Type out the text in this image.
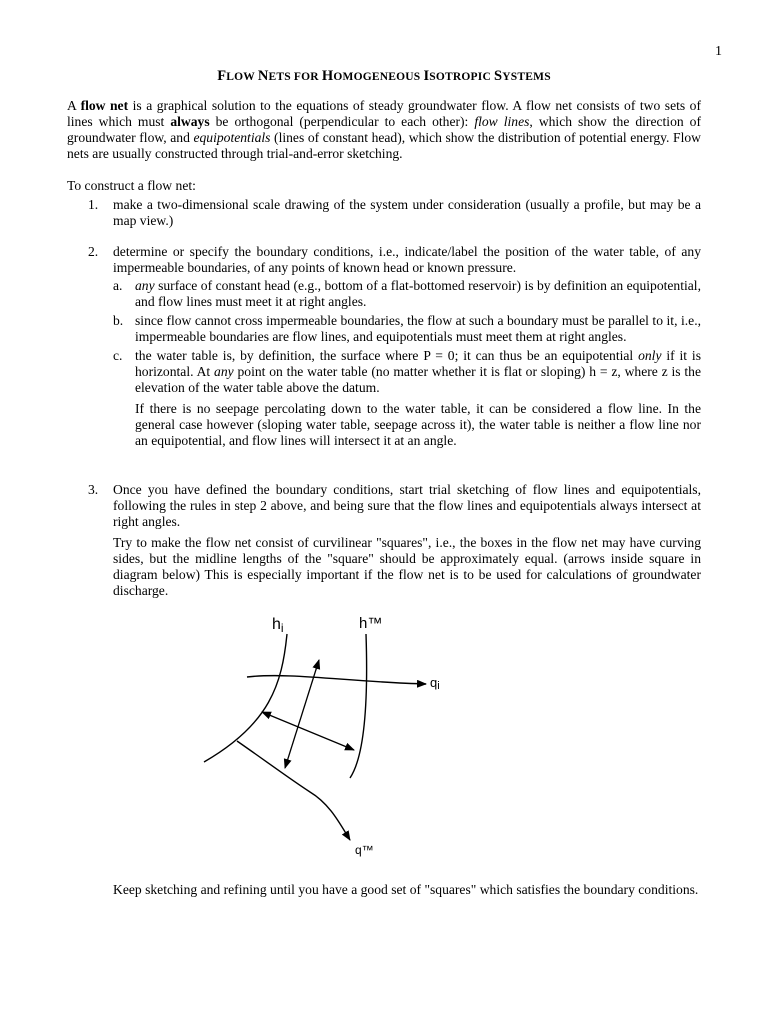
1
FLOW NETS FOR HOMOGENEOUS ISOTROPIC SYSTEMS

A flow net is a graphical solution to the equations of steady groundwater flow. A flow net consists of two sets of lines which must always be orthogonal (perpendicular to each other): flow lines, which show the direction of groundwater flow, and equipotentials (lines of constant head), which show the distribution of potential energy. Flow nets are usually constructed through trial-and-error sketching.

To construct a flow net:
1. make a two-dimensional scale drawing of the system under consideration (usually a profile, but may be a map view.)

2. determine or specify the boundary conditions, i.e., indicate/label the position of the water table, of any impermeable boundaries, of any points of known head or known pressure.

a. any surface of constant head (e.g., bottom of a flat-bottomed reservoir) is by definition an equipotential, and flow lines must meet it at right angles.
b. since flow cannot cross impermeable boundaries, the flow at such a boundary must be parallel to it, i.e., impermeable boundaries are flow lines, and equipotentials must meet them at right angles.
c. the water table is, by definition, the surface where P = 0; it can thus be an equipotential only if it is horizontal. At any point on the water table (no matter whether it is flat or sloping) h = z, where z is the elevation of the water table above the datum.

If there is no seepage percolating down to the water table, it can be considered a flow line. In the general case however (sloping water table, seepage across it), the water table is neither a flow line nor an equipotential, and flow lines will intersect it at an angle.

3. Once you have defined the boundary conditions, start trial sketching of flow lines and equipotentials, following the rules in step 2 above, and being sure that the flow lines and equipotentials always intersect at right angles.

Try to make the flow net consist of curvilinear "squares", i.e., the boxes in the flow net may have curving sides, but the midline lengths of the "square" should be approximately equal. (arrows inside square in diagram below) This is especially important if the flow net is to be used for calculations of groundwater discharge.

hi	h™
qi
q™
Keep sketching and refining until you have a good set of "squares" which satisfies the boundary conditions.
